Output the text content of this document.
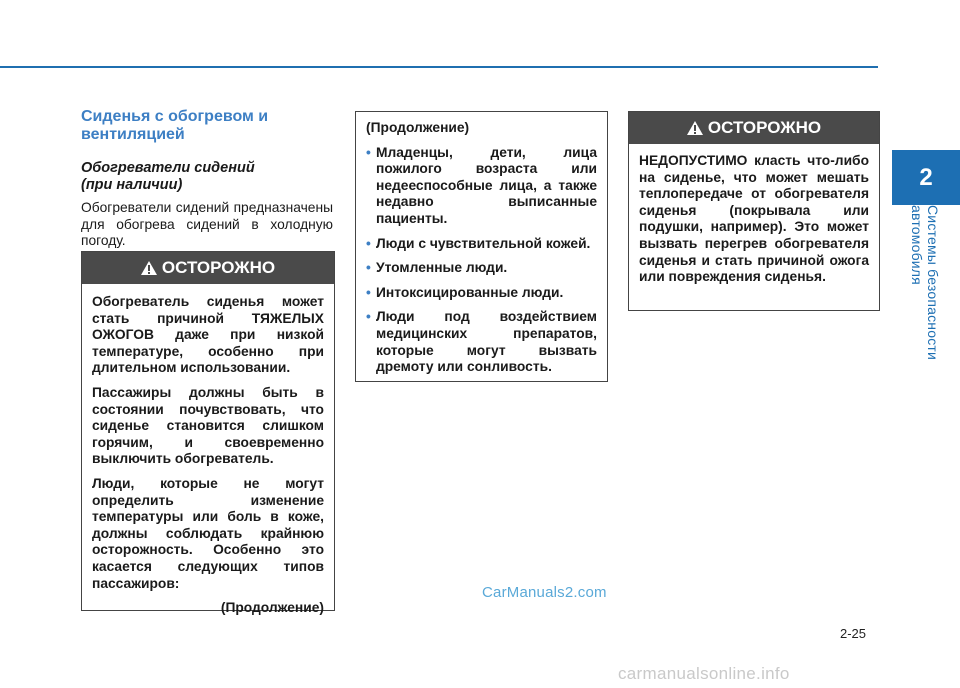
2
Системы безопасности автомобиля
Сиденья с обогревом и вентиляцией
Обогреватели сидений
(при наличии)

Обогреватели сидений предназначены для обогрева сидений в холодную погоду.

ОСТОРОЖНО

Обогреватель сиденья может стать причиной ТЯЖЕЛЫХ ОЖОГОВ даже при низкой температуре, особенно при длительном использовании.

Пассажиры должны быть в состоянии почувствовать, что сиденье становится слишком горячим, и своевременно выключить обогреватель.

Люди, которые не могут определить изменение температуры или боль в коже, должны соблюдать крайнюю осторожность. Особенно это касается следующих типов пассажиров:

(Продолжение)

(Продолжение)

• Младенцы, дети, лица пожилого возраста или недееспособные лица, а также недавно выписанные пациенты.
• Люди с чувствительной кожей.
• Утомленные люди.
• Интоксицированные люди.
• Люди под воздействием медицинских препаратов, которые могут вызвать дремоту или сонливость.
ОСТОРОЖНО

НЕДОПУСТИМО класть что-либо на сиденье, что может мешать теплопередаче от обогревателя сиденья (покрывала или подушки, например). Это может вызвать перегрев обогревателя сиденья и стать причиной ожога или повреждения сиденья.

CarManuals2.com
2-25
carmanualsonline.info
